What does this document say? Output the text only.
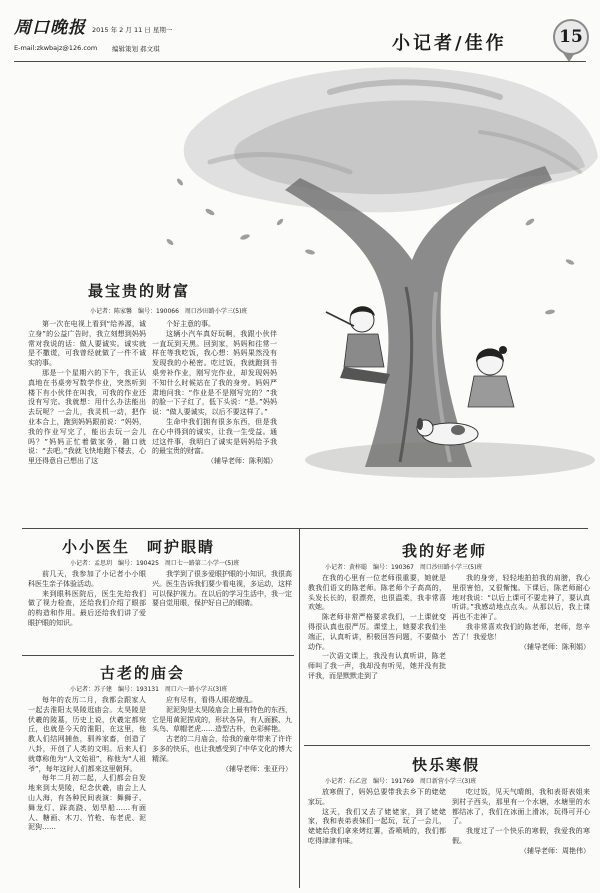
周口晚报 2015 年 2 月 11 日 星期一
E-mail:zkwbajz@126.com 编辑策划 郝文琪	小记者/佳作	15
最宝贵的财富
小记者：陈家馨　编号：190066　周口沙田路小学三(5)班

第一次在电视上看到“给养源，诚立身”的公益广告时，我立刻想到妈妈常对我说的话：做人要诚实。诚实就是不撒谎，可我曾经就做了一件不诚实的事。

那是一个星期六的下午，我正认真地在书桌旁写数学作业，突然听到楼下有小伙伴在叫我，可我的作业还没有写完。我就想：用什么办法能出去玩呢？一会儿，我灵机一动，把作业本合上，跑到妈妈跟前说：“妈妈，我的作业写完了，能出去玩一会儿吗？”妈妈正忙着做家务，随口就说：“去吧。”我就飞快地跑下楼去，心里还得意自己想出了这

个好主意的事。

这辆小汽车真好玩啊，我跟小伙伴一直玩到天黑。回到家，妈妈和往常一样在等我吃饭，我心想：妈妈果然没有发现我的小秘密。吃过饭，我就跑到书桌旁补作业，刚写完作业，却发现妈妈不知什么时候站在了我的身旁。妈妈严肃地问我：“作业是不是刚写完的？”我的脸一下子红了，低下头说：“是。”妈妈说：“做人要诚实，以后不要这样了。”

生命中我们拥有很多东西，但是我在心中得到的诚实，让我一生受益。通过这件事，我明白了诚实是妈妈给予我的最宝贵的财富。

（辅导老师：陈利娟）

小小医生　呵护眼睛
小记者：孟思玥　编号：190425　周口七一路第二小学一(5)班

前几天，我参加了小记者小小眼科医生亲子体验活动。

来到眼科医院后，医生先给我们做了视力检查，还给我们介绍了眼部的构造和作用。最后还给我们讲了爱眼护眼的知识。

我学到了很多爱眼护眼的小知识，我很高兴。医生告诉我们要少看电视，多运动，这样可以保护视力。在以后的学习生活中，我一定要自觉用眼，保护好自己的眼睛。

古老的庙会
小记者：苏子建　编号：193131　周口六一路小学五(3)班

每年的农历二月，我都会跟家人一起去淮阳太昊陵逛庙会。太昊陵是伏羲的陵墓，历史上说，伏羲定都宛丘，也就是今天的淮阳，在这里，他教人们结网捕鱼，驯养家畜，创造了八卦，开创了人类的文明。后来人们就尊称他为“人文始祖”，称他为“人祖爷”，每年这时人们都来这里朝拜。

每年二月初二起，人们都会自发地来到太昊陵，纪念伏羲，庙会上人山人海，有各种民间表演：舞狮子、舞龙灯、踩高跷、划旱船……有面人、糖画、木刀、竹枪、布老虎、泥泥狗……

应有尽有，看得人眼花缭乱。

泥泥狗是太昊陵庙会上最有特色的东西，它是用黄泥捏成的，形状各异，有人面猴、九头鸟、草帽老虎……造型古朴，色彩鲜艳。

古老的二月庙会，给我的童年带来了许许多多的快乐，也让我感受到了中华文化的博大精深。

（辅导老师：张亚丹）

我的好老师
小记者：黄梓聪　编号：190367　周口沙田路小学三(5)班

在我的心里有一位老师很重要，她就是教我们语文的陈老师。陈老师个子高高的，头发长长的，很漂亮，也很温柔，我非常喜欢她。

陈老师非常严格要求我们，一上课就变得很认真也很严厉。课堂上，她要求我们坐端正，认真听讲，积极回答问题，不要做小动作。

一次语文课上，我没有认真听讲，陈老师叫了我一声，我却没有听见，她并没有批评我，而是默默走到了

我的身旁，轻轻地拍拍我的肩膀，我心里很害怕，又很惭愧。下课后，陈老师耐心地对我说：“以后上课可不要走神了，要认真听讲。”我感动地点点头。从那以后，我上课再也不走神了。

我非常喜欢我们的陈老师，老师，您辛苦了！我爱您！

（辅导老师：陈利娟）

快乐寒假
小记者：石乙萱　编号：191769　周口新营小学三(3)班

放寒假了，妈妈总要带我去乡下的姥姥家玩。

这天，我们又去了姥姥家，到了姥姥家，我和表弟表妹们一起玩，玩了一会儿，姥姥给我们拿来烤红薯，香喷喷的，我们都吃得津津有味。

吃过饭，见天气晴朗，我和表哥表姐来到村子西头，那里有一个水塘，水塘里的水都结冰了，我们在冰面上滑冰，玩得可开心了。

我度过了一个快乐的寒假，我爱我的寒假。

（辅导老师：周艳伟）
